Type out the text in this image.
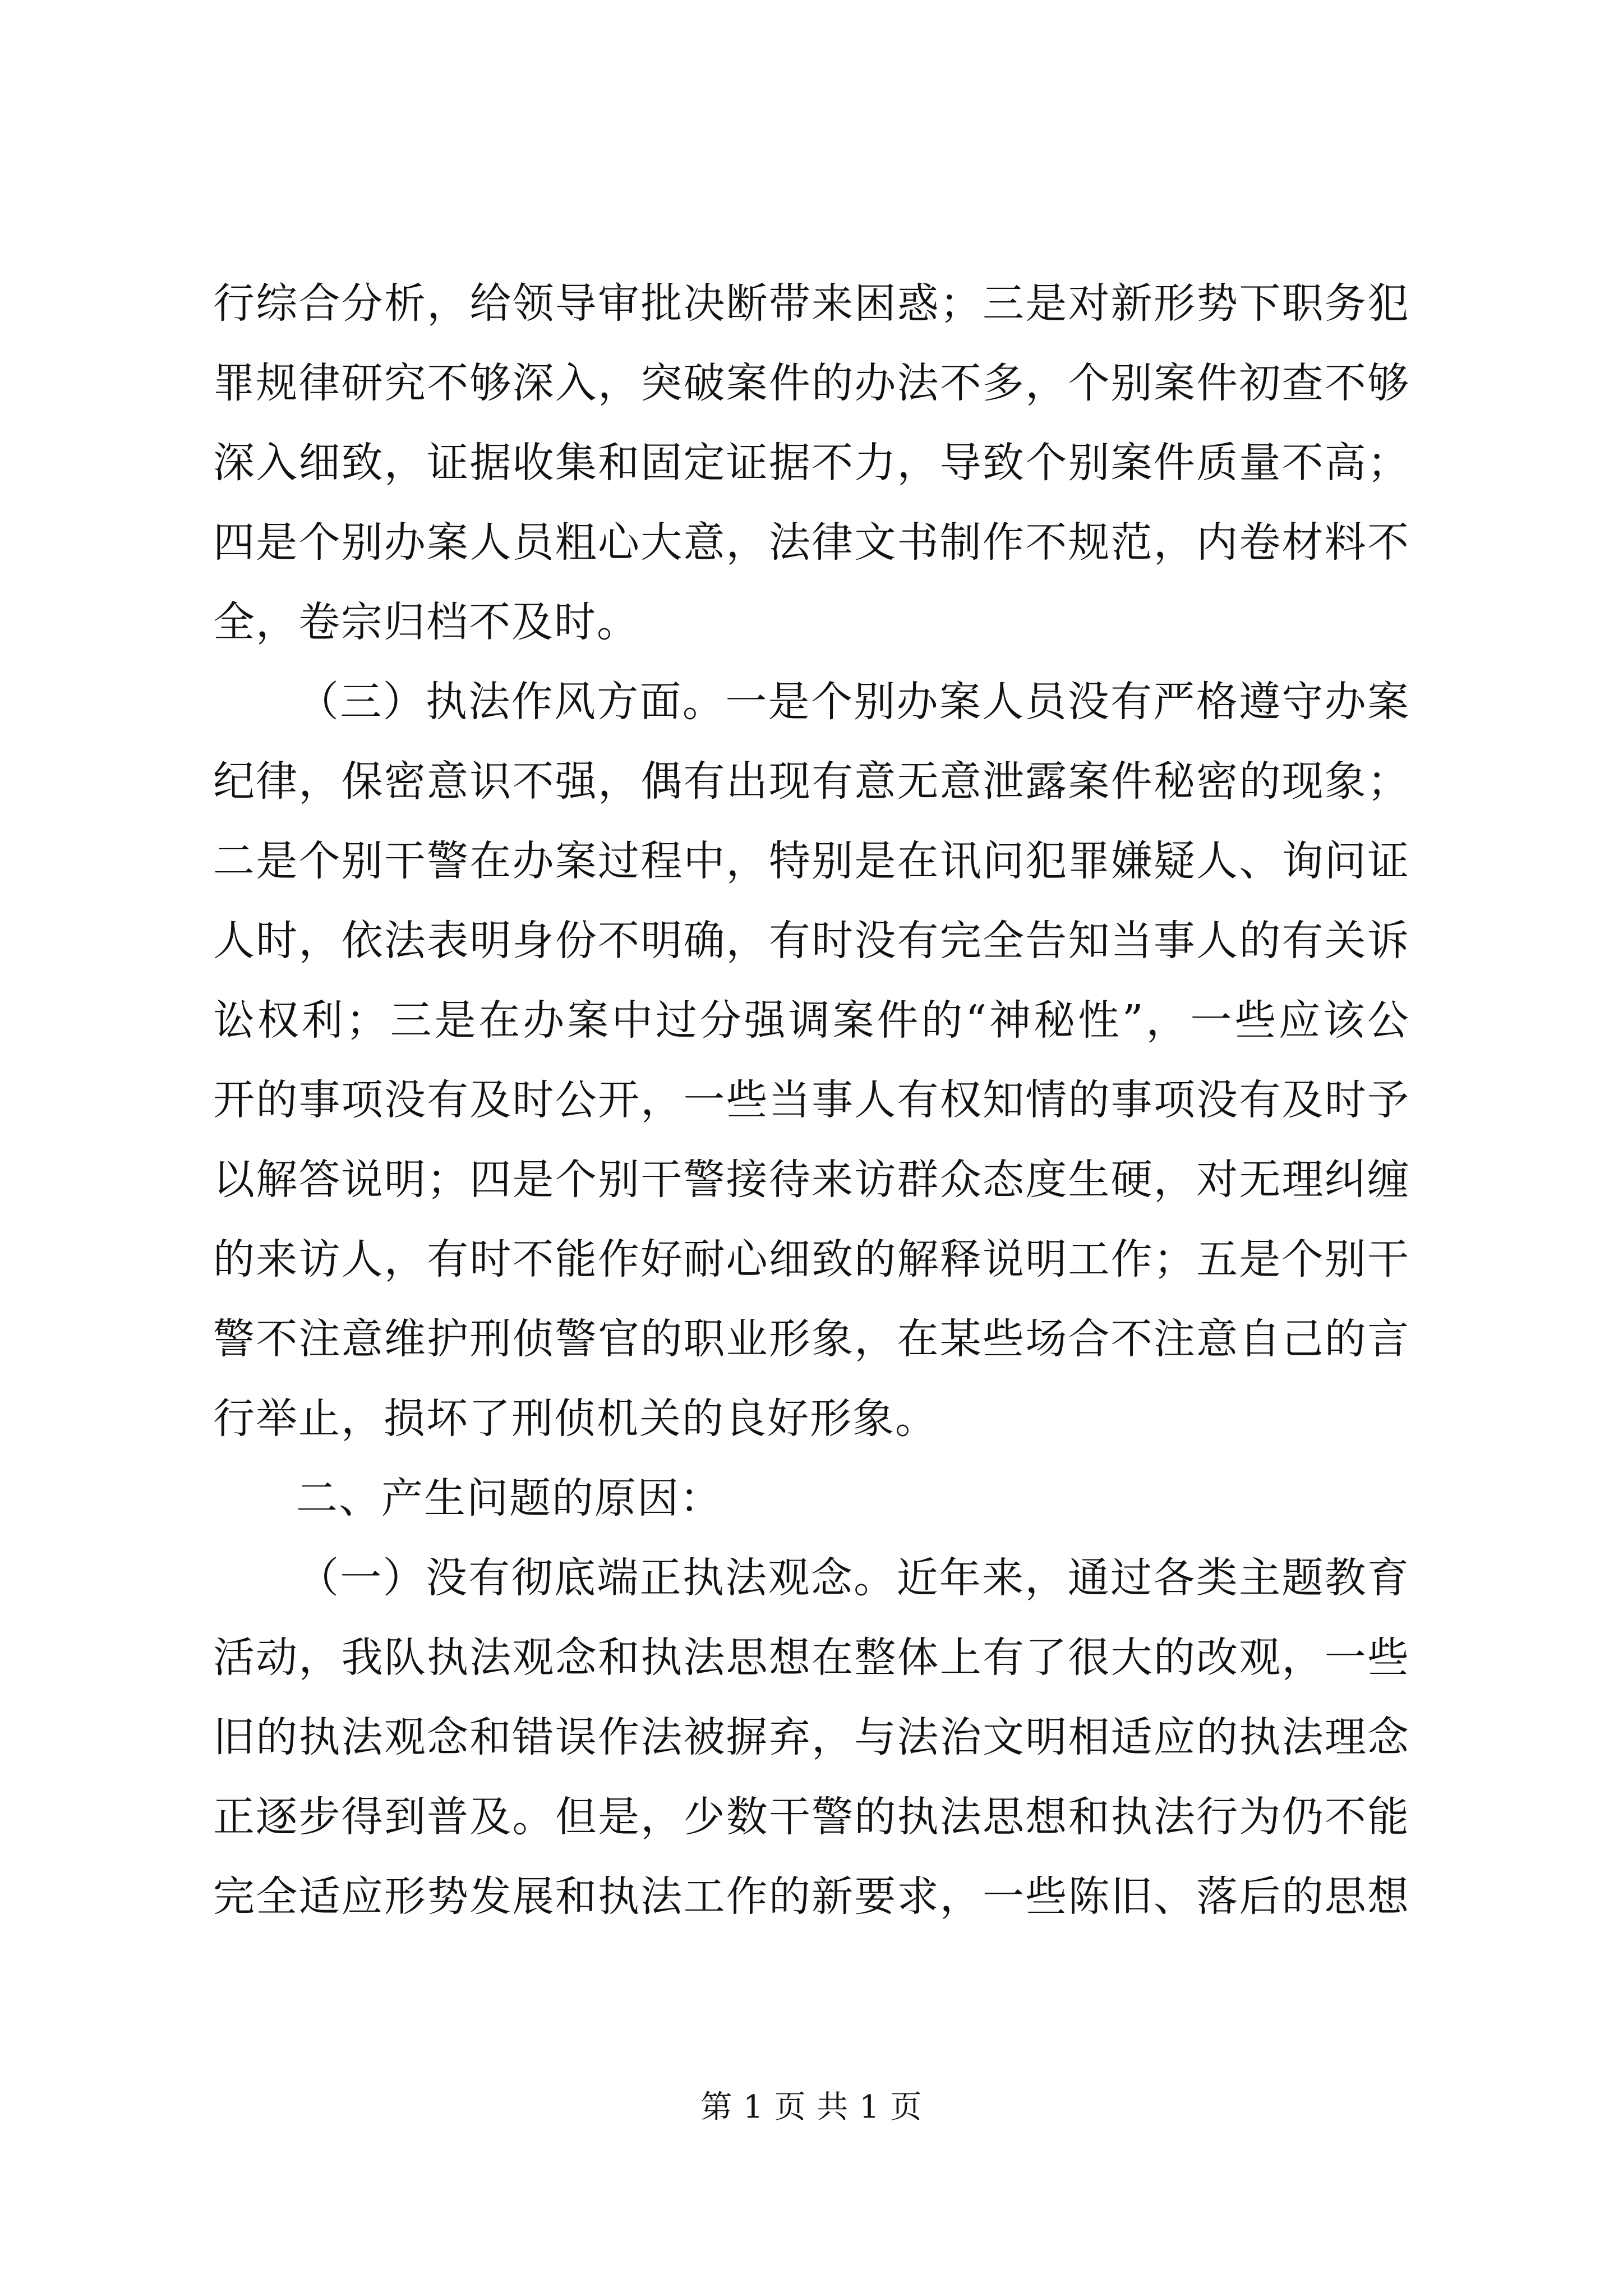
行综合分析，给领导审批决断带来困惑；三是对新形势下职务犯
罪规律研究不够深入，突破案件的办法不多，个别案件初查不够
深入细致，证据收集和固定证据不力，导致个别案件质量不高；
四是个别办案人员粗心大意，法律文书制作不规范，内卷材料不
全，卷宗归档不及时。
（三）执法作风方面。一是个别办案人员没有严格遵守办案
纪律，保密意识不强，偶有出现有意无意泄露案件秘密的现象；
二是个别干警在办案过程中，特别是在讯问犯罪嫌疑人、询问证
人时，依法表明身份不明确，有时没有完全告知当事人的有关诉
讼权利；三是在办案中过分强调案件的“神秘性”，一些应该公
开的事项没有及时公开，一些当事人有权知情的事项没有及时予
以解答说明；四是个别干警接待来访群众态度生硬，对无理纠缠
的来访人，有时不能作好耐心细致的解释说明工作；五是个别干
警不注意维护刑侦警官的职业形象，在某些场合不注意自己的言
行举止，损坏了刑侦机关的良好形象。
二、产生问题的原因：
（一）没有彻底端正执法观念。近年来，通过各类主题教育
活动，我队执法观念和执法思想在整体上有了很大的改观，一些
旧的执法观念和错误作法被摒弃，与法治文明相适应的执法理念
正逐步得到普及。但是，少数干警的执法思想和执法行为仍不能
完全适应形势发展和执法工作的新要求，一些陈旧、落后的思想
第 1 页 共 1 页
